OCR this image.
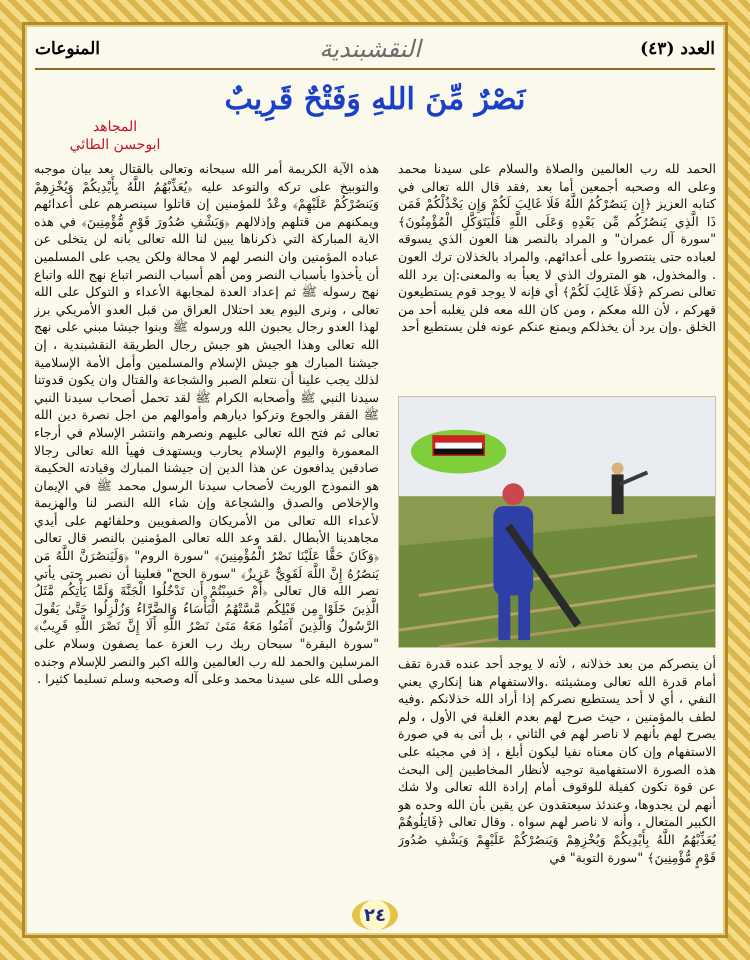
العدد (٤٣)
النقشبندية
المنوعات
نَصْرٌ مِّنَ اللهِ وَفَتْحٌ قَرِيبٌ
المجاهد
ابوحسن الطائي

الحمد لله رب العالمين والصلاة والسلام على سيدنا محمد وعلى اله وصحبه أجمعين أما بعد ,فقد قال الله تعالى في كتابه العزيز ﴿إِن يَنصُرْكُمُ اللَّهُ فَلَا غَالِبَ لَكُمْ وَإِن يَخْذُلْكُمْ فَمَن ذَا الَّذِي يَنصُرُكُم مِّن بَعْدِهِ وَعَلَى اللَّهِ فَلْيَتَوَكَّلِ الْمُؤْمِنُونَ﴾ "سورة آل عمران" و المراد بالنصر هنا العون الذي يسوقه لعباده حتى ينتصروا على أعدائهم. والمراد بالخذلان ترك العون . والمخذول، هو المتروك الذي لا يعبأ به والمعنى:إن يرد الله تعالى نصركم ﴿فَلَا غَالِبَ لَكُمْ﴾ أي فإنه لا يوجد قوم يستطيعون قهركم ، لأن الله معكم ، ومن كان الله معه فلن يغلبه أحد من الخلق .وإن يرد أن يخذلكم ويمنع عنكم عونه فلن يستطيع أحد

أن ينصركم من بعد خذلانه ، لأنه لا يوجد أحد عنده قدرة تقف أمام قدرة الله تعالى ومشيئته .والاستفهام هنا إنكاري يعني النفي ، أي لا أحد يستطيع نصركم إذا أراد الله خذلانكم .وفيه لطف بالمؤمنين ، حيث صرح لهم بعدم الغلبة في الأول ، ولم يصرح لهم بأنهم لا ناصر لهم في الثاني ، بل أتى به في صورة الاستفهام وإن كان معناه نفيا ليكون أبلغ ، إذ في مجيئه على هذه الصورة الاستفهامية توجيه لأنظار المخاطبين إلى البحث عن قوة تكون كفيلة للوقوف أمام إرادة الله تعالى ولا شك أنهم لن يجدوها، وعندئذ سيعتقدون عن يقين بأن الله وحده هو الكبير المتعال ، وأنه لا ناصر لهم سواه . وقال تعالى ﴿قَاتِلُوهُمْ يُعَذِّبْهُمُ اللَّهُ بِأَيْدِيكُمْ وَيُخْزِهِمْ وَيَنصُرْكُمْ عَلَيْهِمْ وَيَشْفِ صُدُورَ قَوْمٍ مُّؤْمِنِينَ﴾ "سورة التوبة" في

هذه الآية الكريمة أمر الله سبحانه وتعالى بالقتال بعد بيان موجبه والتوبيخ على تركه والتوعد عليه ﴿يُعَذِّبْهُمُ اللَّهُ بِأَيْدِيكُمْ وَيُخْزِهِمْ وَيَنصُرْكُمْ عَلَيْهِمْ﴾ وعْدٌ للمؤمنين إن قاتلوا سينصرهم على أعدائهم ويمكنهم من قتلهم وإذلالهم ﴿وَيَشْفِ صُدُورَ قَوْمٍ مُّؤْمِنِينَ﴾ في هذه الاية المباركة التي ذكرناها يبين لنا الله تعالى بانه لن يتخلى عن عباده المؤمنين وان النصر لهم لا محالة ولكن يجب على المسلمين أن يأخذوا بأسباب النصر ومن أهم أسباب النصر اتباع نهج الله واتباع نهج رسوله ﷺ ثم إعداد العدة لمجابهة الأعداء و التوكل على الله تعالى ، ونرى اليوم بعد احتلال العراق من قبل العدو الأمريكي برز لهذا العدو رجال يحبون الله ورسوله ﷺ وبنوا جيشا مبني على نهج الله تعالى وهذا الجيش هو جيش رجال الطريقة النقشبندية ، إن جيشنا المبارك هو جيش الإسلام والمسلمين وأمل الأمة الإسلامية لذلك يجب علينا أن نتعلم الصبر والشجاعة والقتال وان يكون قدوتنا سيدنا النبي ﷺ وأصحابه الكرام ﷺ لقد تحمل أصحاب سيدنا النبي ﷺ الفقر والجوع وتركوا ديارهم وأموالهم من اجل نصرة دين الله تعالى ثم فتح الله تعالى عليهم ونصرهم وانتشر الإسلام في أرجاء المعمورة واليوم الإسلام يحارب ويستهدف فهيأ الله تعالى رجالا صادقين يدافعون عن هذا الدين إن جيشنا المبارك وقيادته الحكيمة هو النموذج الوريث لأصحاب سيدنا الرسول محمد ﷺ في الإيمان والإخلاص والصدق والشجاعة وإن شاء الله النصر لنا والهزيمة لأعداء الله تعالى من الأمريكان والصفويين وحلفائهم على أيدي مجاهدينا الأبطال .لقد وعد الله تعالى المؤمنين بالنصر قال تعالى ﴿وَكَانَ حَقًّا عَلَيْنَا نَصْرُ الْمُؤْمِنِينَ﴾ "سورة الروم" ﴿وَلَيَنصُرَنَّ اللَّهُ مَن يَنصُرُهُ إِنَّ اللَّهَ لَقَوِيٌّ عَزِيزٌ﴾ "سورة الحج" فعلينا أن نصبر حتى يأتي نصر الله قال تعالى ﴿أَمْ حَسِبْتُمْ أَن تَدْخُلُوا الْجَنَّةَ وَلَمَّا يَأْتِكُم مَّثَلُ الَّذِينَ خَلَوْا مِن قَبْلِكُم مَّسَّتْهُمُ الْبَأْسَاءُ وَالضَّرَّاءُ وَزُلْزِلُوا حَتَّىٰ يَقُولَ الرَّسُولُ وَالَّذِينَ آمَنُوا مَعَهُ مَتَىٰ نَصْرُ اللَّهِ أَلَا إِنَّ نَصْرَ اللَّهِ قَرِيبٌ﴾ "سورة البقرة" سبحان ربك رب العزة عما يصفون وسلام على المرسلين والحمد لله رب العالمين والله اكبر والنصر للإسلام وجنده وصلى الله على سيدنا محمد وعلى آله وصحبه وسلم تسليما كثيرا .

٢٤
